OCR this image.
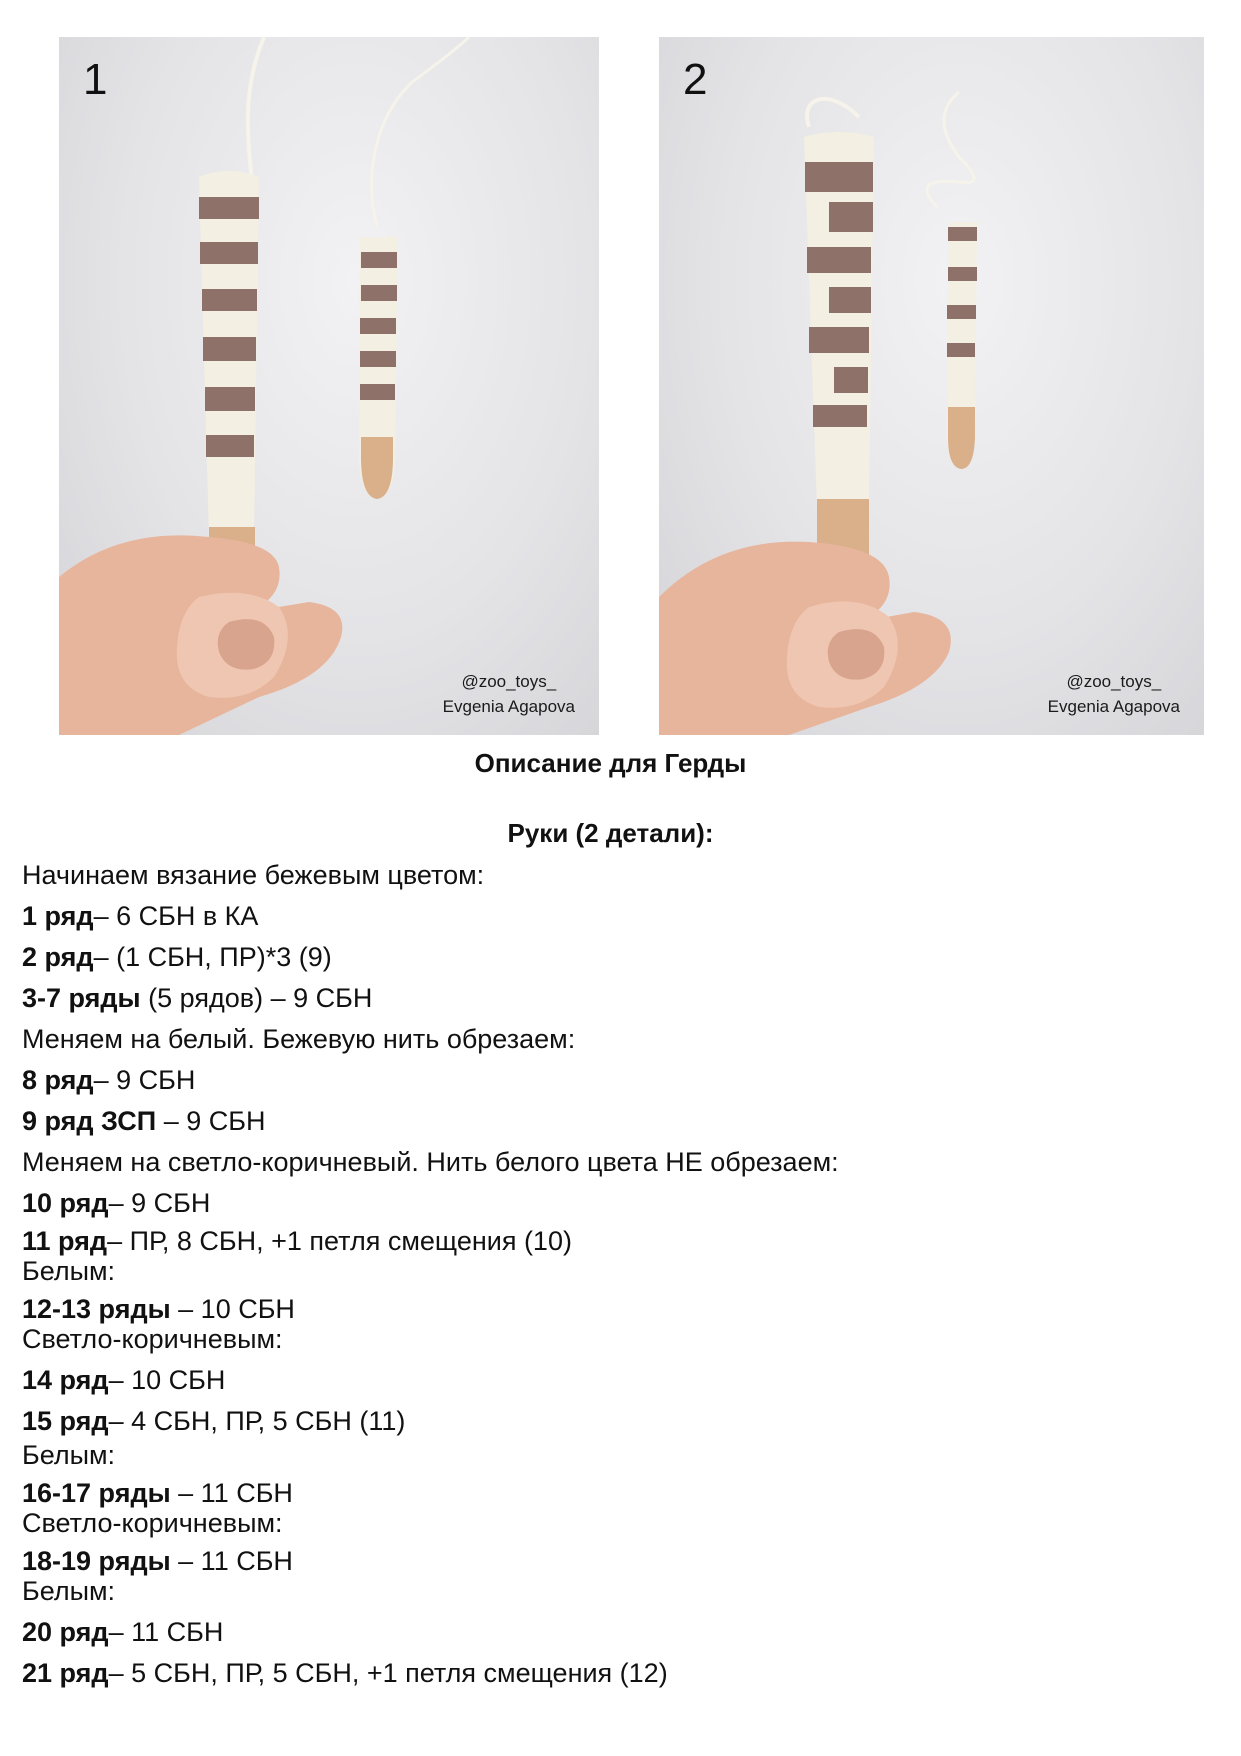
1
@zoo_toys_
Evgenia Agapova
2
@zoo_toys_
Evgenia Agapova
Описание для Герды
Руки (2 детали):
Начинаем вязание бежевым цветом:
1 ряд– 6 СБН в КА
2 ряд– (1 СБН, ПР)*3 (9)
3-7 ряды (5 рядов) – 9 СБН
Меняем на белый. Бежевую нить обрезаем:
8 ряд– 9 СБН
9 ряд ЗСП – 9 СБН
Меняем на светло-коричневый. Нить белого цвета НЕ обрезаем:
10 ряд– 9 СБН
11 ряд– ПР, 8 СБН, +1 петля смещения (10)
Белым:
12-13 ряды – 10 СБН
Светло-коричневым:
14 ряд– 10 СБН
15 ряд– 4 СБН, ПР, 5 СБН (11)
Белым:
16-17 ряды – 11 СБН
Светло-коричневым:
18-19 ряды – 11 СБН
Белым:
20 ряд– 11 СБН
21 ряд– 5 СБН, ПР, 5 СБН, +1 петля смещения (12)
